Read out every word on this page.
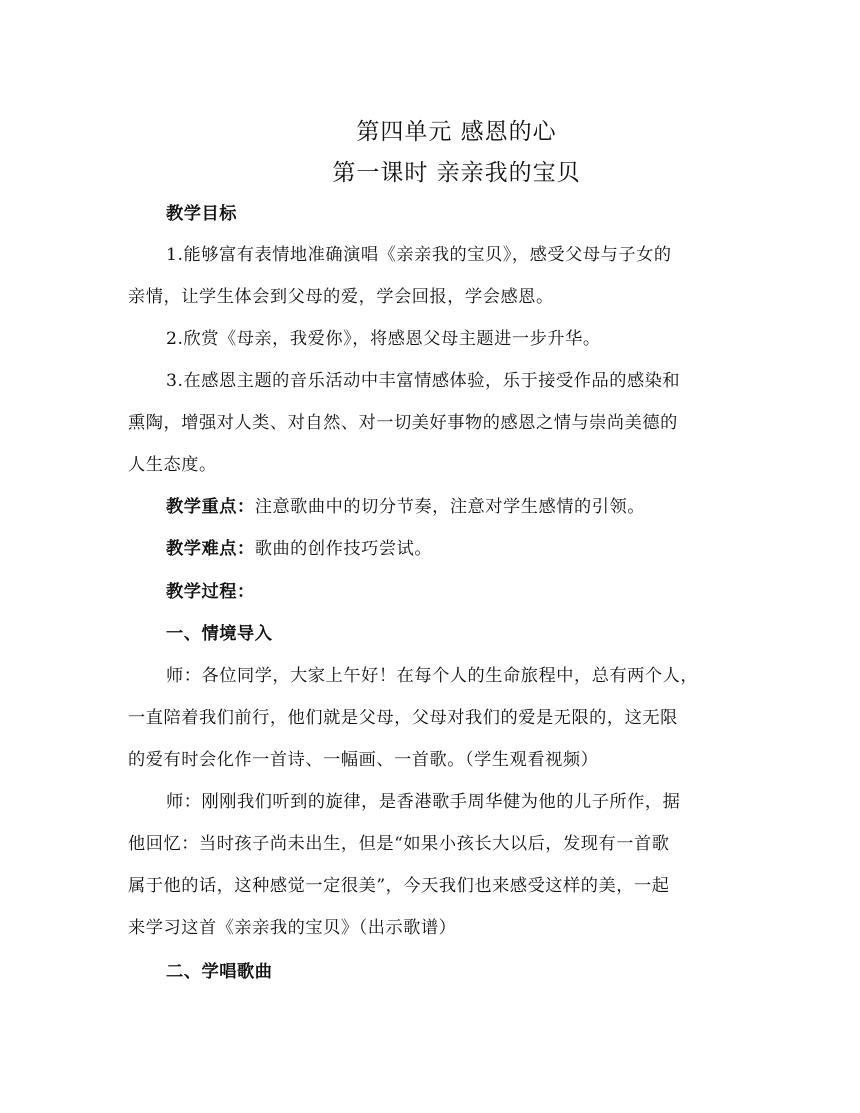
第四单元 感恩的心
第一课时 亲亲我的宝贝
教学目标
1.能够富有表情地准确演唱《亲亲我的宝贝》，感受父母与子女的
亲情，让学生体会到父母的爱，学会回报，学会感恩。
2.欣赏《母亲，我爱你》，将感恩父母主题进一步升华。
3.在感恩主题的音乐活动中丰富情感体验，乐于接受作品的感染和
熏陶，增强对人类、对自然、对一切美好事物的感恩之情与崇尚美德的
人生态度。
教学重点：注意歌曲中的切分节奏，注意对学生感情的引领。
教学难点：歌曲的创作技巧尝试。
教学过程：
一、情境导入
师：各位同学，大家上午好！在每个人的生命旅程中，总有两个人，
一直陪着我们前行，他们就是父母，父母对我们的爱是无限的，这无限
的爱有时会化作一首诗、一幅画、一首歌。（学生观看视频）
师：刚刚我们听到的旋律，是香港歌手周华健为他的儿子所作，据
他回忆：当时孩子尚未出生，但是“如果小孩长大以后，发现有一首歌
属于他的话，这种感觉一定很美”，今天我们也来感受这样的美，一起
来学习这首《亲亲我的宝贝》（出示歌谱）
二、学唱歌曲
